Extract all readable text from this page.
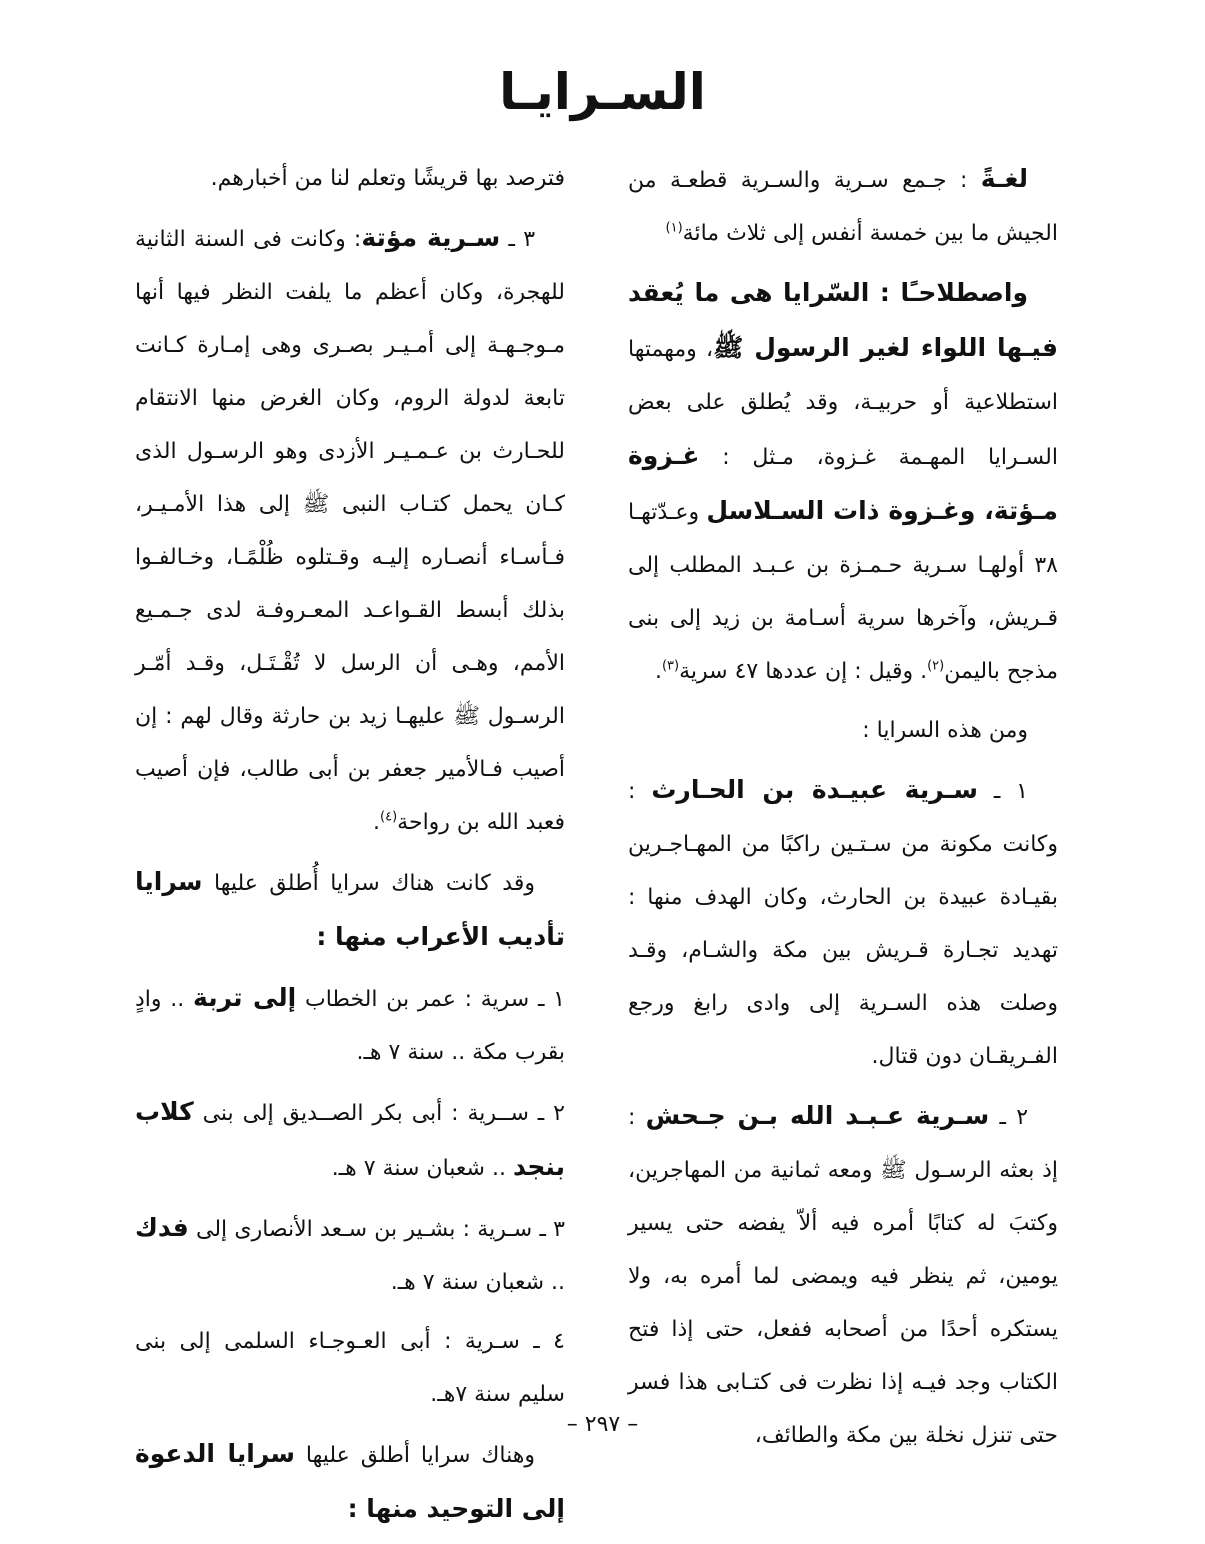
السـرايـا

لغـةً : جـمع سـرية والسـرية قطعـة من الجيش ما بين خمسة أنفس إلى ثلاث مائة$^{(١)}$

واصطلاحـًا : السّرايا هى ما يُعقد فيـها اللواء لغير الرسول ﷺ، ومهمتها استطلاعية أو حربيـة، وقد يُطلق على بعض السـرايا المهـمة غـزوة، مـثل : غـزوة مـؤتة، وغـزوة ذات السـلاسل وعـدّتهـا ٣٨ أولهـا سـرية حـمـزة بن عـبـد المطلب إلى قـريش، وآخرها سرية أسـامة بن زيد إلى بنى مذجح باليمن$^{(٢)}$. وقيل : إن عددها ٤٧ سرية$^{(٣)}$.

ومن هذه السرايا :

١ ـ سـرية عبيـدة بن الحـارث : وكانت مكونة من سـتـين راكبًا من المهـاجـرين بقيـادة عبيدة بن الحارث، وكان الهدف منها : تهديد تجـارة قـريش بين مكة والشـام، وقـد وصلت هذه السـرية إلى وادى رابغ ورجع الفـريقـان دون قتال.

٢ ـ سـرية عـبـد الله بـن جـحش : إذ بعثه الرسـول ﷺ ومعه ثمانية من المهاجرين، وكتبَ له كتابًا أمره فيه ألاّ يفضه حتى يسير يومين، ثم ينظر فيه ويمضى لما أمره به، ولا يستكره أحدًا من أصحابه ففعل، حتى إذا فتح الكتاب وجد فيـه إذا نظرت فى كتـابى هذا فسر حتى تنزل نخلة بين مكة والطائف،

فترصد بها قريشًا وتعلم لنا من أخبارهم.

٣ ـ سـرية مؤتة: وكانت فى السنة الثانية للهجرة، وكان أعظم ما يلفت النظر فيها أنها مـوجـهـة إلى أمـيـر بصـرى وهى إمـارة كـانت تابعة لدولة الروم، وكان الغرض منها الانتقام للحـارث بن عـمـيـر الأزدى وهو الرسـول الذى كـان يحمل كتـاب النبى ﷺ إلى هذا الأمـيـر، فـأسـاء أنصـاره إليـه وقـتلوه ظُلْمًـا، وخـالفـوا بذلك أبسط القـواعـد المعـروفـة لدى جـمـيع الأمم، وهـى أن الرسل لا تُقْـتَـل، وقـد أمّـر الرسـول ﷺ عليهـا زيد بن حارثة وقال لهم : إن أصيب فـالأمير جعفر بن أبى طالب، فإن أصيب فعبد الله بن رواحة$^{(٤)}$.

وقد كانت هناك سرايا أُطلق عليها سرايا تأديب الأعراب منها :

١ ـ سرية : عمر بن الخطاب إلى تربة .. وادٍ بقرب مكة .. سنة ٧ هـ.

٢ ـ ســرية : أبى بكر الصــديق إلى بنى كلاب بنجد .. شعبان سنة ٧ هـ.

٣ ـ سـرية : بشـير بن سـعد الأنصارى إلى فدك .. شعبان سنة ٧ هـ.

٤ ـ سـرية : أبى العـوجـاء السلمى إلى بنى سليم سنة ٧هـ.

وهناك سرايا أطلق عليها سرايا الدعوة إلى التوحيد منها :

– ٢٩٧ –
